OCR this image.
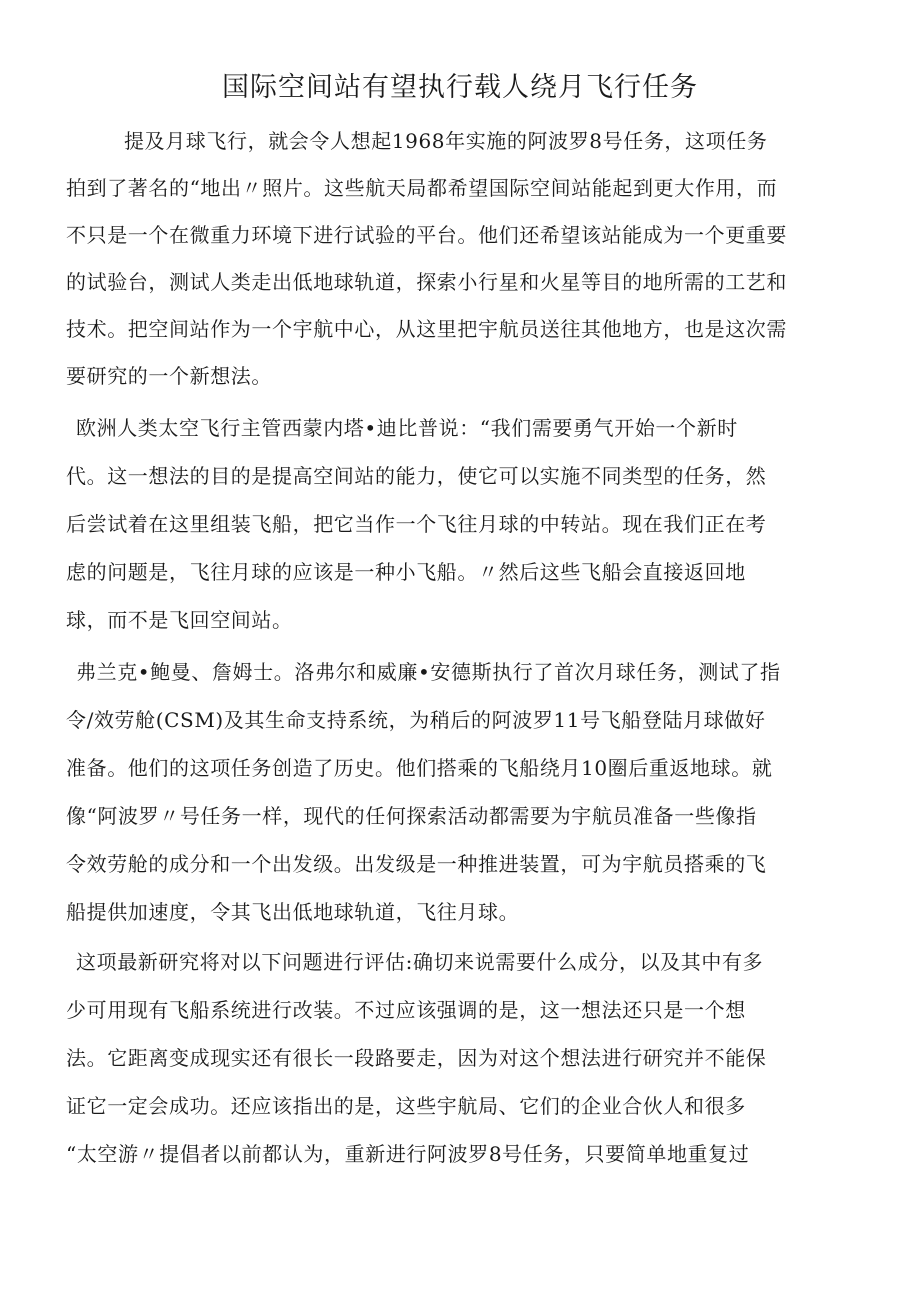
国际空间站有望执行载人绕月飞行任务
提及月球飞行，就会令人想起1968年实施的阿波罗8号任务，这项任务
拍到了著名的“地出〃照片。这些航天局都希望国际空间站能起到更大作用，而
不只是一个在微重力环境下进行试验的平台。他们还希望该站能成为一个更重要
的试验台，测试人类走出低地球轨道，探索小行星和火星等目的地所需的工艺和
技术。把空间站作为一个宇航中心，从这里把宇航员送往其他地方，也是这次需
要研究的一个新想法。
欧洲人类太空飞行主管西蒙内塔•迪比普说：“我们需要勇气开始一个新时
代。这一想法的目的是提高空间站的能力，使它可以实施不同类型的任务，然
后尝试着在这里组装飞船，把它当作一个飞往月球的中转站。现在我们正在考
虑的问题是，飞往月球的应该是一种小飞船。〃然后这些飞船会直接返回地
球，而不是飞回空间站。
弗兰克•鲍曼、詹姆士。洛弗尔和威廉•安德斯执行了首次月球任务，测试了指
令/效劳舱(CSM)及其生命支持系统，为稍后的阿波罗11号飞船登陆月球做好
准备。他们的这项任务创造了历史。他们搭乘的飞船绕月10圈后重返地球。就
像“阿波罗〃号任务一样，现代的任何探索活动都需要为宇航员准备一些像指
令效劳舱的成分和一个出发级。出发级是一种推进装置，可为宇航员搭乘的飞
船提供加速度，令其飞出低地球轨道，飞往月球。
这项最新研究将对以下问题进行评估:确切来说需要什么成分，以及其中有多
少可用现有飞船系统进行改装。不过应该强调的是，这一想法还只是一个想
法。它距离变成现实还有很长一段路要走，因为对这个想法进行研究并不能保
证它一定会成功。还应该指出的是，这些宇航局、它们的企业合伙人和很多
“太空游〃提倡者以前都认为，重新进行阿波罗8号任务，只要简单地重复过
